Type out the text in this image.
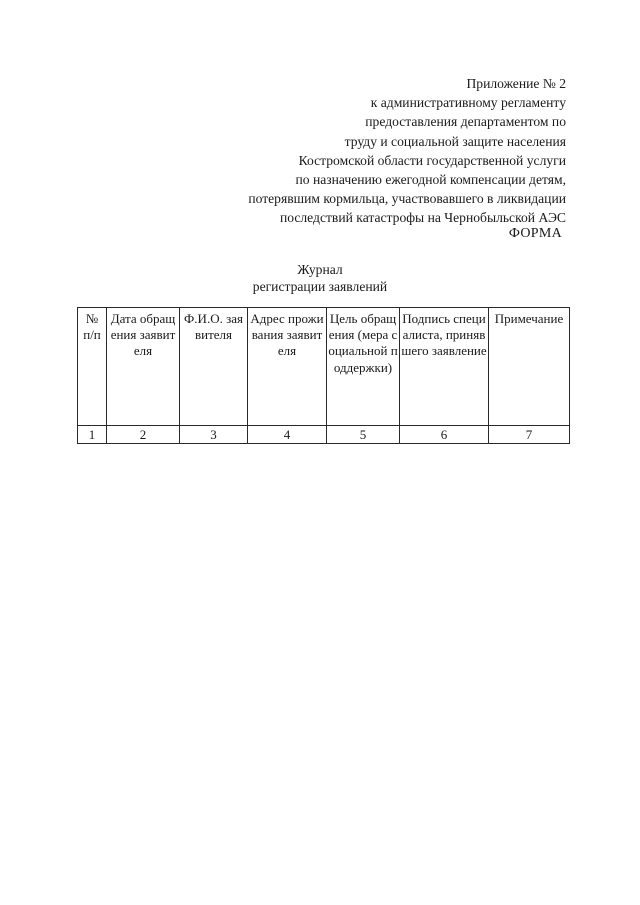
Приложение № 2
к административному регламенту
предоставления департаментом по
труду и социальной защите населения
Костромской области государственной услуги
по назначению ежегодной компенсации детям,
потерявшим кормильца, участвовавшего в ликвидации
последствий катастрофы на Чернобыльской АЭС
ФОРМА
Журнал
регистрации заявлений
№ п/п	Дата обращения заявителя	Ф.И.О. заявителя	Адрес проживания заявителя	Цель обращения (мера социальной поддержки)	Подпись специалиста, принявшего заявление	Примечание
1	2	3	4	5	6	7
